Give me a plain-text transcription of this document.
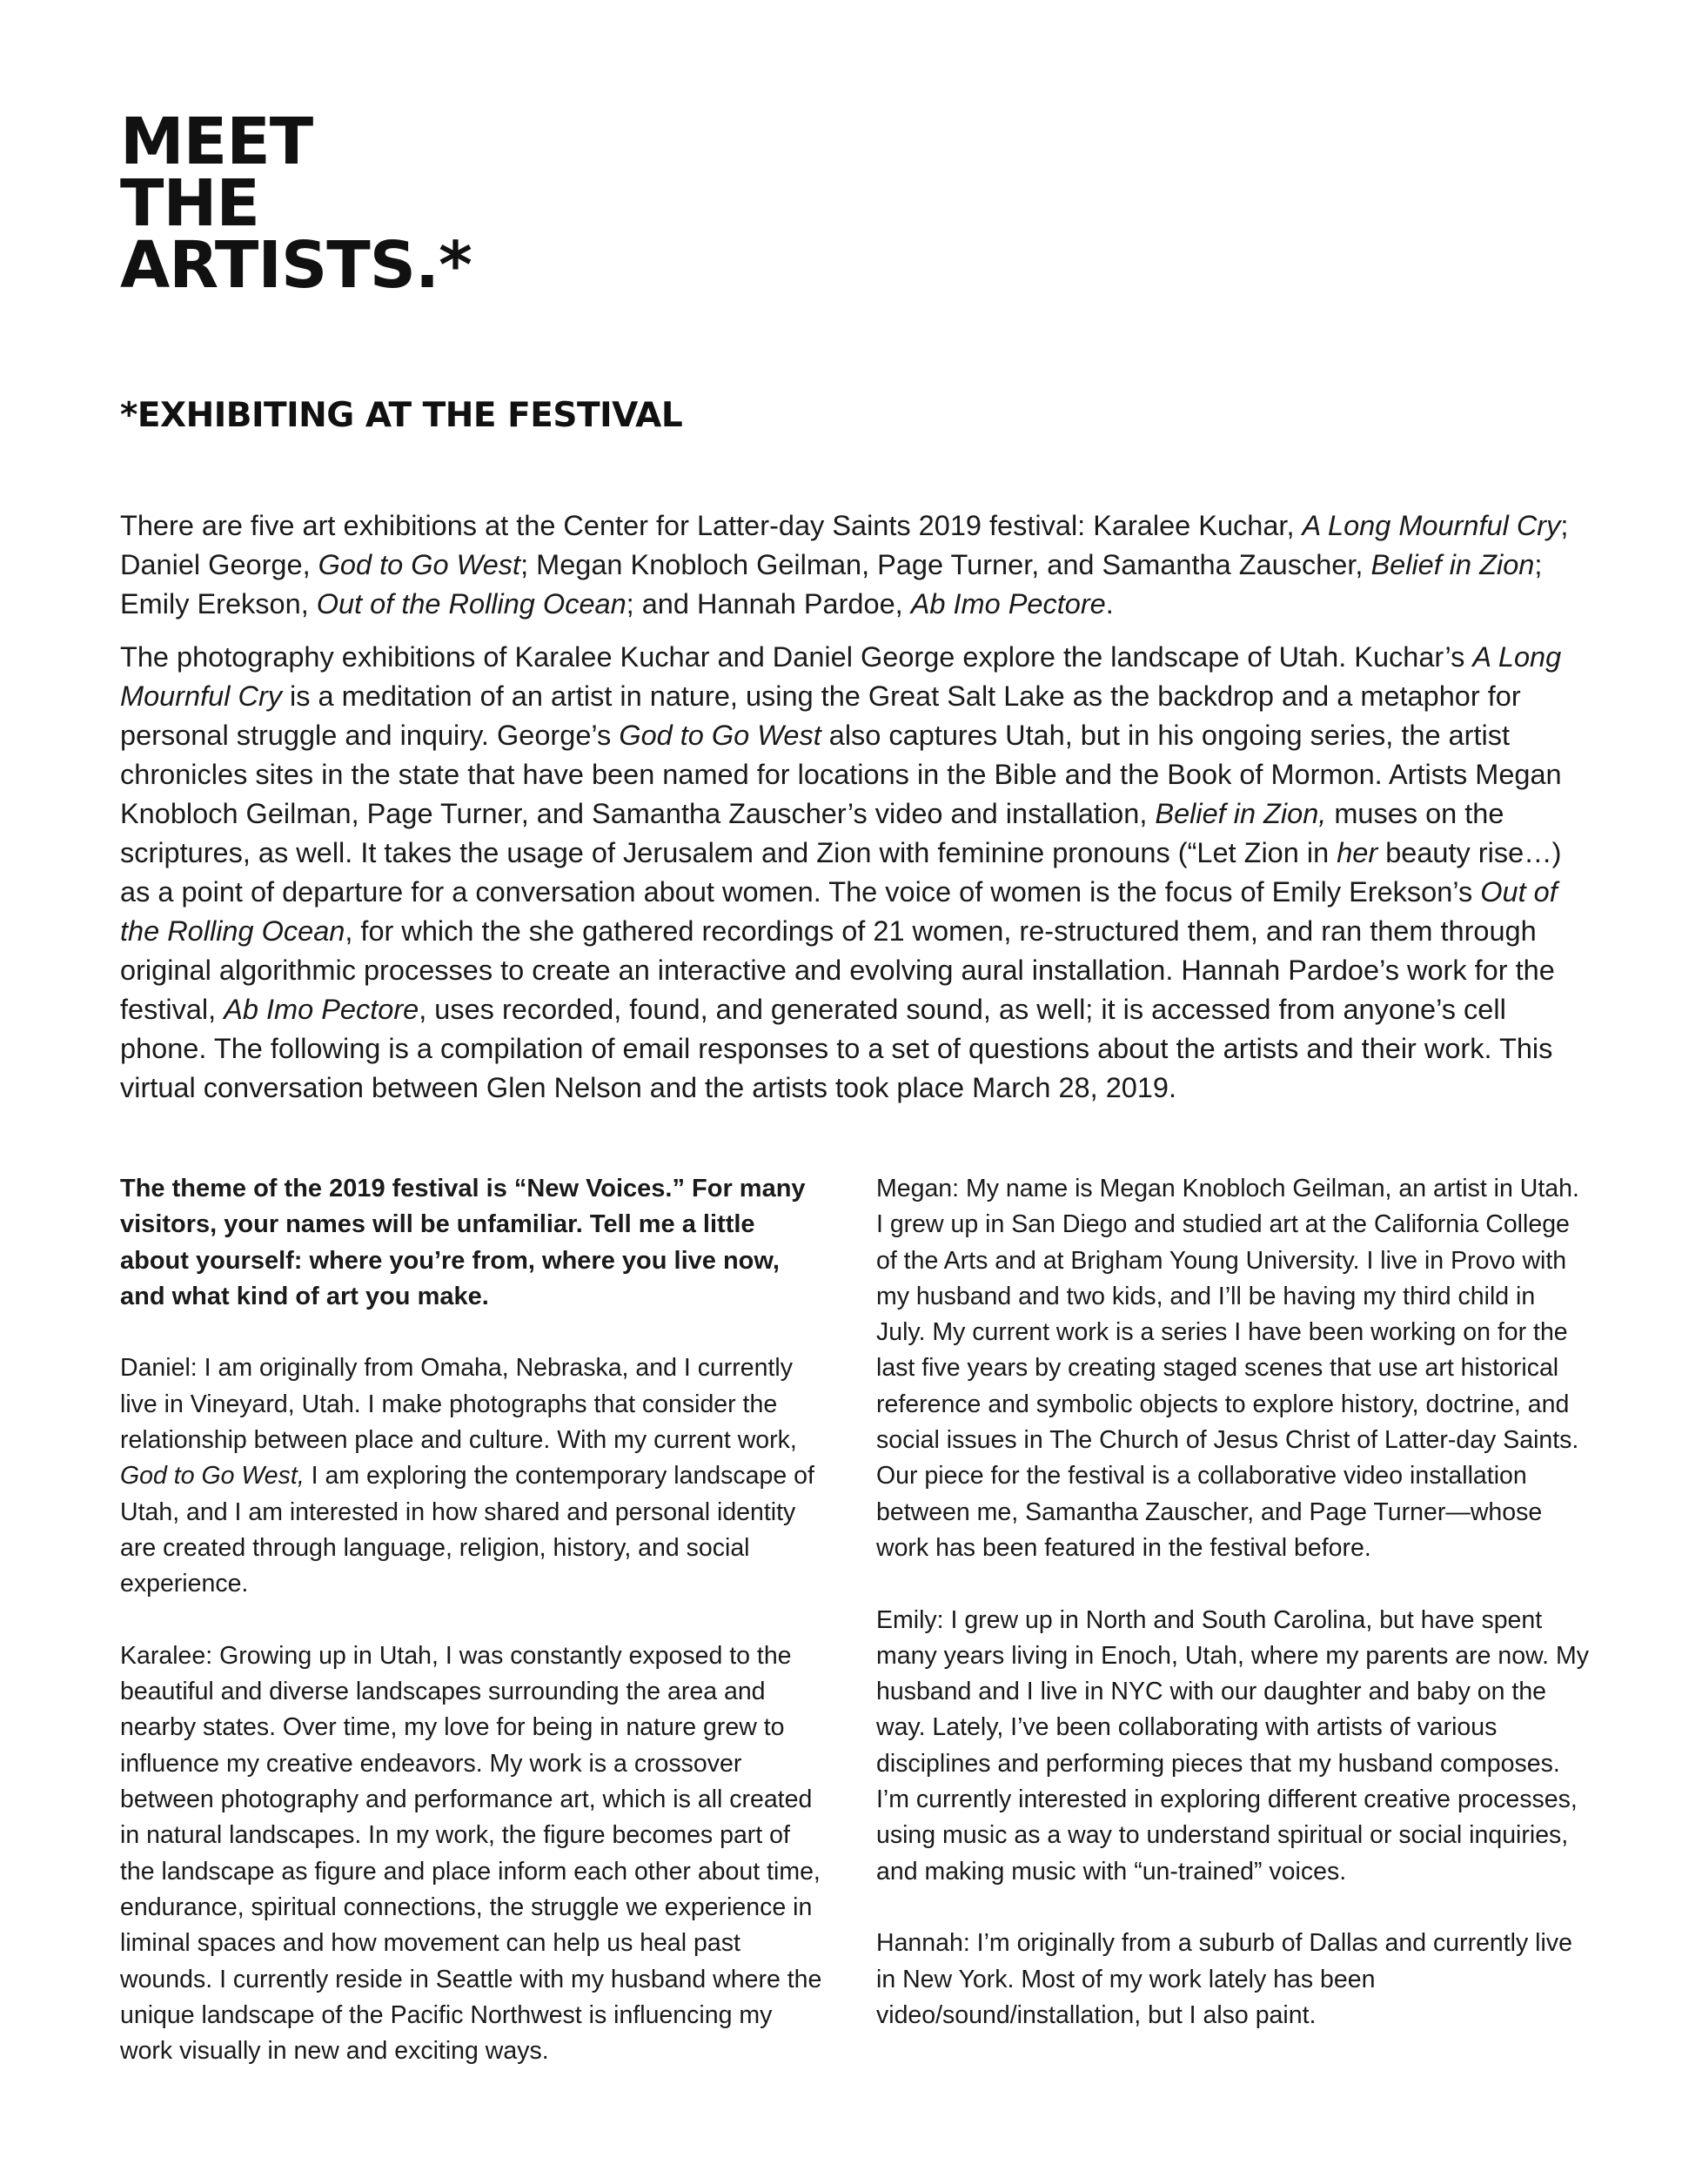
MEET
THE
ARTISTS.*
*EXHIBITING AT THE FESTIVAL

There are five art exhibitions at the Center for Latter-day Saints 2019 festival: Karalee Kuchar, A Long Mournful Cry; Daniel George, God to Go West; Megan Knobloch Geilman, Page Turner, and Samantha Zauscher, Belief in Zion; Emily Erekson, Out of the Rolling Ocean; and Hannah Pardoe, Ab Imo Pectore.

The photography exhibitions of Karalee Kuchar and Daniel George explore the landscape of Utah. Kuchar’s A Long Mournful Cry is a meditation of an artist in nature, using the Great Salt Lake as the backdrop and a metaphor for personal struggle and inquiry. George’s God to Go West also captures Utah, but in his ongoing series, the artist chronicles sites in the state that have been named for locations in the Bible and the Book of Mormon. Artists Megan Knobloch Geilman, Page Turner, and Samantha Zauscher’s video and installation, Belief in Zion, muses on the scriptures, as well. It takes the usage of Jerusalem and Zion with feminine pronouns (“Let Zion in her beauty rise…) as a point of departure for a conversation about women. The voice of women is the focus of Emily Erekson’s Out of the Rolling Ocean, for which the she gathered recordings of 21 women, re-structured them, and ran them through original algorithmic processes to create an interactive and evolving aural installation. Hannah Pardoe’s work for the festival, Ab Imo Pectore, uses recorded, found, and generated sound, as well; it is accessed from anyone’s cell phone. The following is a compilation of email responses to a set of questions about the artists and their work. This virtual conversation between Glen Nelson and the artists took place March 28, 2019.

The theme of the 2019 festival is “New Voices.” For many visitors, your names will be unfamiliar. Tell me a little about yourself: where you’re from, where you live now, and what kind of art you make.

Daniel: I am originally from Omaha, Nebraska, and I currently live in Vineyard, Utah. I make photographs that consider the relationship between place and culture. With my current work, God to Go West, I am exploring the contemporary landscape of Utah, and I am interested in how shared and personal identity are created through language, religion, history, and social experience.

Karalee: Growing up in Utah, I was constantly exposed to the beautiful and diverse landscapes surrounding the area and nearby states. Over time, my love for being in nature grew to influence my creative endeavors. My work is a crossover between photography and performance art, which is all created in natural landscapes. In my work, the figure becomes part of the landscape as figure and place inform each other about time, endurance, spiritual connections, the struggle we experience in liminal spaces and how movement can help us heal past wounds. I currently reside in Seattle with my husband where the unique landscape of the Pacific Northwest is influencing my work visually in new and exciting ways.

Megan: My name is Megan Knobloch Geilman, an artist in Utah. I grew up in San Diego and studied art at the California College of the Arts and at Brigham Young University. I live in Provo with my husband and two kids, and I’ll be having my third child in July. My current work is a series I have been working on for the last five years by creating staged scenes that use art historical reference and symbolic objects to explore history, doctrine, and social issues in The Church of Jesus Christ of Latter-day Saints. Our piece for the festival is a collaborative video installation between me, Samantha Zauscher, and Page Turner—whose work has been featured in the festival before.

Emily: I grew up in North and South Carolina, but have spent many years living in Enoch, Utah, where my parents are now. My husband and I live in NYC with our daughter and baby on the way. Lately, I’ve been collaborating with artists of various disciplines and performing pieces that my husband composes. I’m currently interested in exploring different creative processes, using music as a way to understand spiritual or social inquiries, and making music with “un-trained” voices.

Hannah: I’m originally from a suburb of Dallas and currently live in New York. Most of my work lately has been video/sound/installation, but I also paint.
